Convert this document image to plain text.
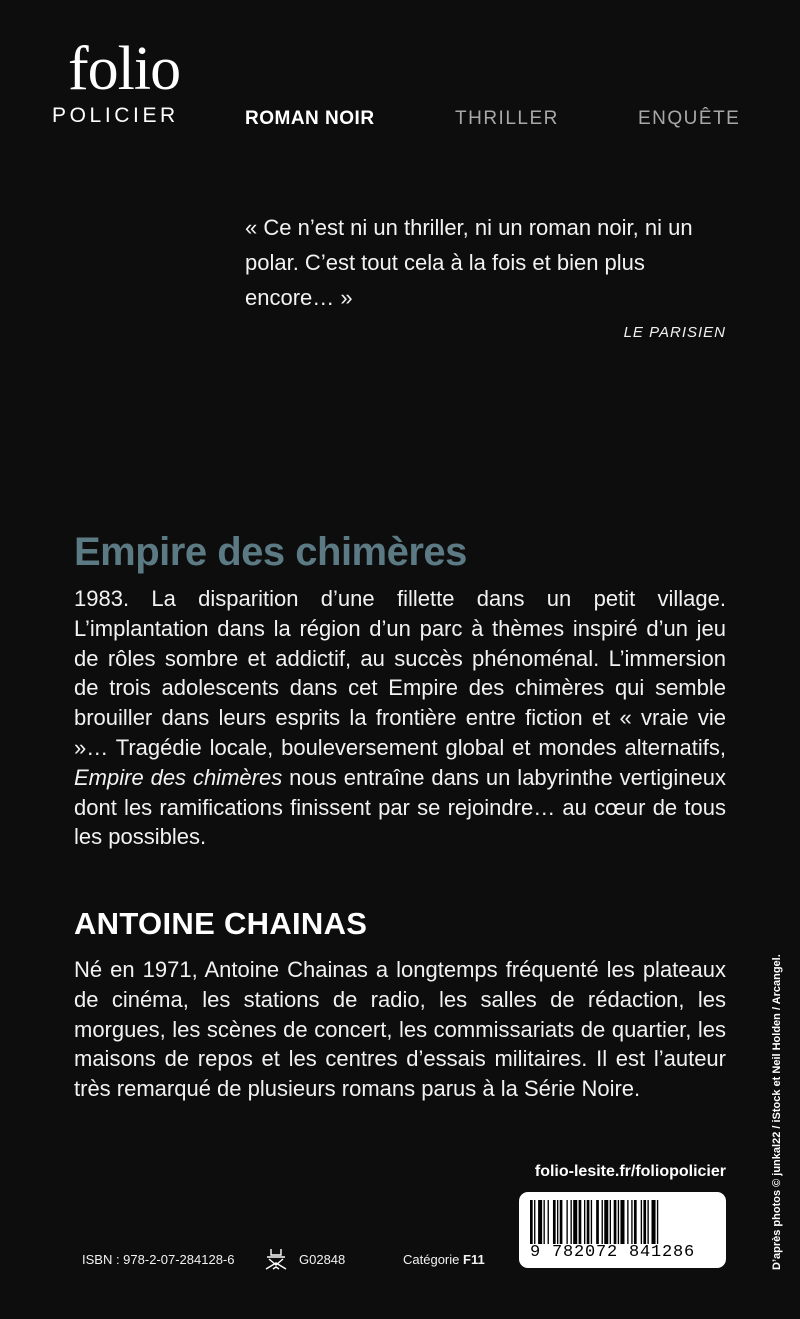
folio
POLICIER	ROMAN NOIR	THRILLER	ENQUÊTE
« Ce n’est ni un thriller, ni un roman noir, ni un polar. C’est tout cela à la fois et bien plus encore… »
LE PARISIEN
Empire des chimères
1983. La disparition d’une fillette dans un petit village. L’implantation dans la région d’un parc à thèmes inspiré d’un jeu de rôles sombre et addictif, au succès phénoménal. L’immersion de trois adolescents dans cet Empire des chimères qui semble brouiller dans leurs esprits la frontière entre fiction et « vraie vie »… Tragédie locale, bouleversement global et mondes alternatifs, Empire des chimères nous entraîne dans un labyrinthe vertigineux dont les ramifications finissent par se rejoindre… au cœur de tous les possibles.
ANTOINE CHAINAS
Né en 1971, Antoine Chainas a longtemps fréquenté les plateaux de cinéma, les stations de radio, les salles de rédaction, les morgues, les scènes de concert, les commissariats de quartier, les maisons de repos et les centres d’essais militaires. Il est l’auteur très remarqué de plusieurs romans parus à la Série Noire.
folio-lesite.fr/foliopolicier
9 782072 841286
ISBN : 978-2-07-284128-6	G02848	Catégorie F11	D’après photos © junkal22 / iStock et Neil Holden / Arcangel.
